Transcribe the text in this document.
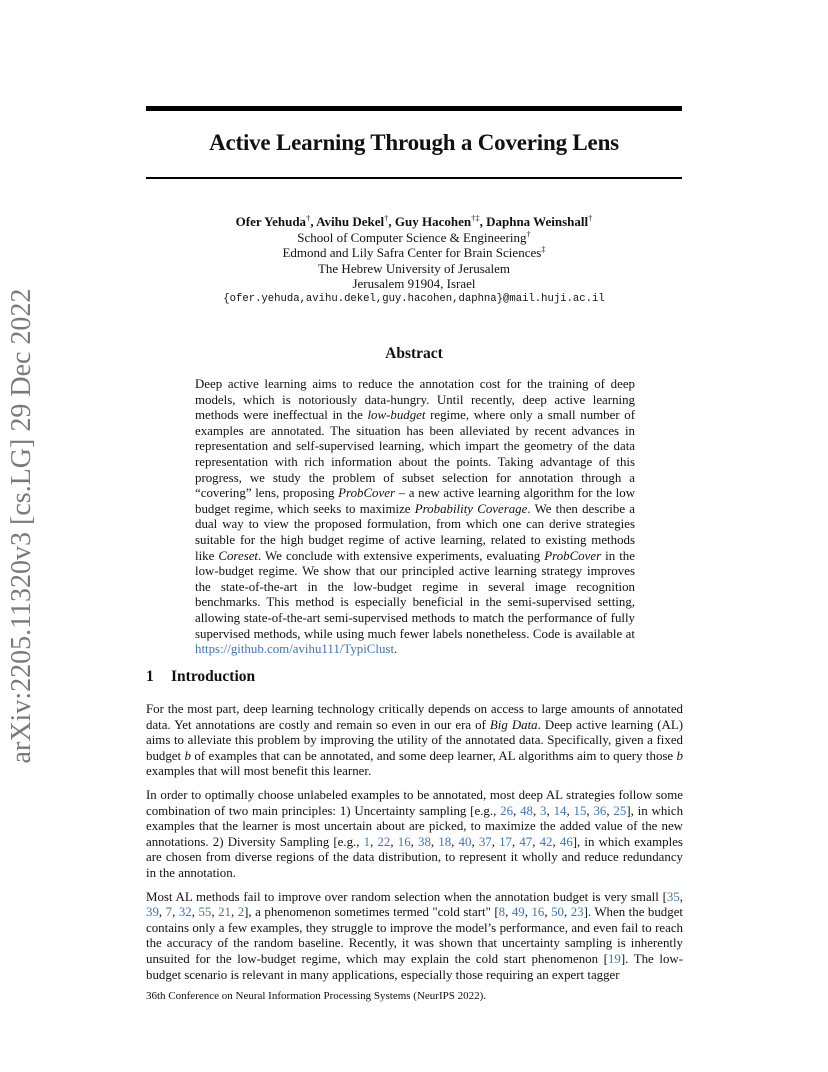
arXiv:2205.11320v3 [cs.LG] 29 Dec 2022
Active Learning Through a Covering Lens
Ofer Yehuda†, Avihu Dekel†, Guy Hacohen†‡, Daphna Weinshall†
School of Computer Science & Engineering†
Edmond and Lily Safra Center for Brain Sciences‡
The Hebrew University of Jerusalem
Jerusalem 91904, Israel
{ofer.yehuda,avihu.dekel,guy.hacohen,daphna}@mail.huji.ac.il
Abstract

Deep active learning aims to reduce the annotation cost for the training of deep models, which is notoriously data-hungry. Until recently, deep active learning methods were ineffectual in the low-budget regime, where only a small number of examples are annotated. The situation has been alleviated by recent advances in representation and self-supervised learning, which impart the geometry of the data representation with rich information about the points. Taking advantage of this progress, we study the problem of subset selection for annotation through a “covering” lens, proposing ProbCover – a new active learning algorithm for the low budget regime, which seeks to maximize Probability Coverage. We then describe a dual way to view the proposed formulation, from which one can derive strategies suitable for the high budget regime of active learning, related to existing methods like Coreset. We conclude with extensive experiments, evaluating ProbCover in the low-budget regime. We show that our principled active learning strategy improves the state-of-the-art in the low-budget regime in several image recognition benchmarks. This method is especially beneficial in the semi-supervised setting, allowing state-of-the-art semi-supervised methods to match the performance of fully supervised methods, while using much fewer labels nonetheless. Code is available at https://github.com/avihu111/TypiClust.

1 Introduction

For the most part, deep learning technology critically depends on access to large amounts of annotated data. Yet annotations are costly and remain so even in our era of Big Data. Deep active learning (AL) aims to alleviate this problem by improving the utility of the annotated data. Specifically, given a fixed budget b of examples that can be annotated, and some deep learner, AL algorithms aim to query those b examples that will most benefit this learner.

In order to optimally choose unlabeled examples to be annotated, most deep AL strategies follow some combination of two main principles: 1) Uncertainty sampling [e.g., 26, 48, 3, 14, 15, 36, 25], in which examples that the learner is most uncertain about are picked, to maximize the added value of the new annotations. 2) Diversity Sampling [e.g., 1, 22, 16, 38, 18, 40, 37, 17, 47, 42, 46], in which examples are chosen from diverse regions of the data distribution, to represent it wholly and reduce redundancy in the annotation.

Most AL methods fail to improve over random selection when the annotation budget is very small [35, 39, 7, 32, 55, 21, 2], a phenomenon sometimes termed "cold start" [8, 49, 16, 50, 23]. When the budget contains only a few examples, they struggle to improve the model’s performance, and even fail to reach the accuracy of the random baseline. Recently, it was shown that uncertainty sampling is inherently unsuited for the low-budget regime, which may explain the cold start phenomenon [19]. The low-budget scenario is relevant in many applications, especially those requiring an expert tagger

36th Conference on Neural Information Processing Systems (NeurIPS 2022).
